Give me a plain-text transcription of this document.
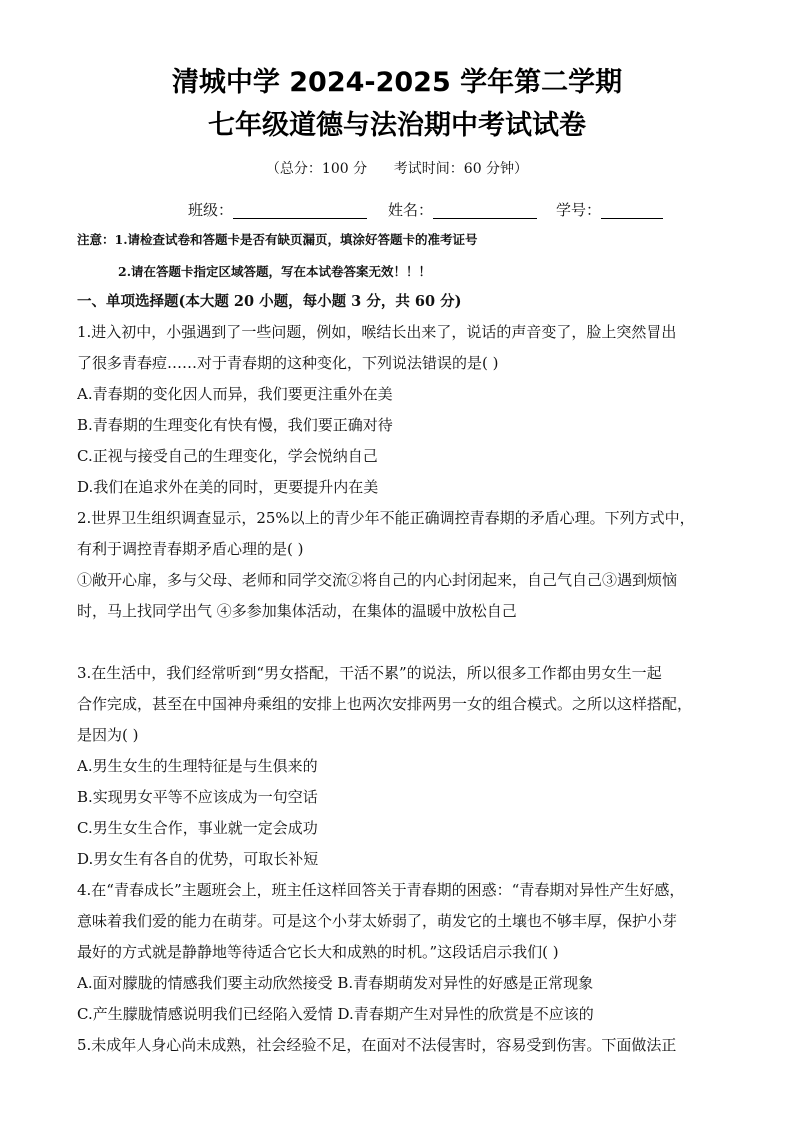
清城中学 2024-2025 学年第二学期
七年级道德与法治期中考试试卷
（总分：100 分      考试时间：60 分钟）
班级：	姓名：	学号：
注意：1.请检查试卷和答题卡是否有缺页漏页，填涂好答题卡的准考证号
2.请在答题卡指定区域答题，写在本试卷答案无效！！！
一、单项选择题(本大题 20 小题，每小题 3 分，共 60 分)
1.进入初中，小强遇到了一些问题，例如，喉结长出来了，说话的声音变了，脸上突然冒出
了很多青春痘……对于青春期的这种变化，下列说法错误的是( )
A.青春期的变化因人而异，我们要更注重外在美
B.青春期的生理变化有快有慢，我们要正确对待
C.正视与接受自己的生理变化，学会悦纳自己
D.我们在追求外在美的同时，更要提升内在美
2.世界卫生组织调查显示，25%以上的青少年不能正确调控青春期的矛盾心理。下列方式中，
有利于调控青春期矛盾心理的是( )
①敞开心扉，多与父母、老师和同学交流②将自己的内心封闭起来，自己气自己③遇到烦恼
时，马上找同学出气 ④多参加集体活动，在集体的温暖中放松自己
3.在生活中，我们经常听到“男女搭配，干活不累”的说法，所以很多工作都由男女生一起
合作完成，甚至在中国神舟乘组的安排上也两次安排两男一女的组合模式。之所以这样搭配，
是因为( )
A.男生女生的生理特征是与生俱来的
B.实现男女平等不应该成为一句空话
C.男生女生合作，事业就一定会成功
D.男女生有各自的优势，可取长补短
4.在“青春成长”主题班会上，班主任这样回答关于青春期的困惑：“青春期对异性产生好感，
意味着我们爱的能力在萌芽。可是这个小芽太娇弱了，萌发它的土壤也不够丰厚，保护小芽
最好的方式就是静静地等待适合它长大和成熟的时机。”这段话启示我们( )
A.面对朦胧的情感我们要主动欣然接受 B.青春期萌发对异性的好感是正常现象
C.产生朦胧情感说明我们已经陷入爱情 D.青春期产生对异性的欣赏是不应该的
5.未成年人身心尚未成熟，社会经验不足，在面对不法侵害时，容易受到伤害。下面做法正
